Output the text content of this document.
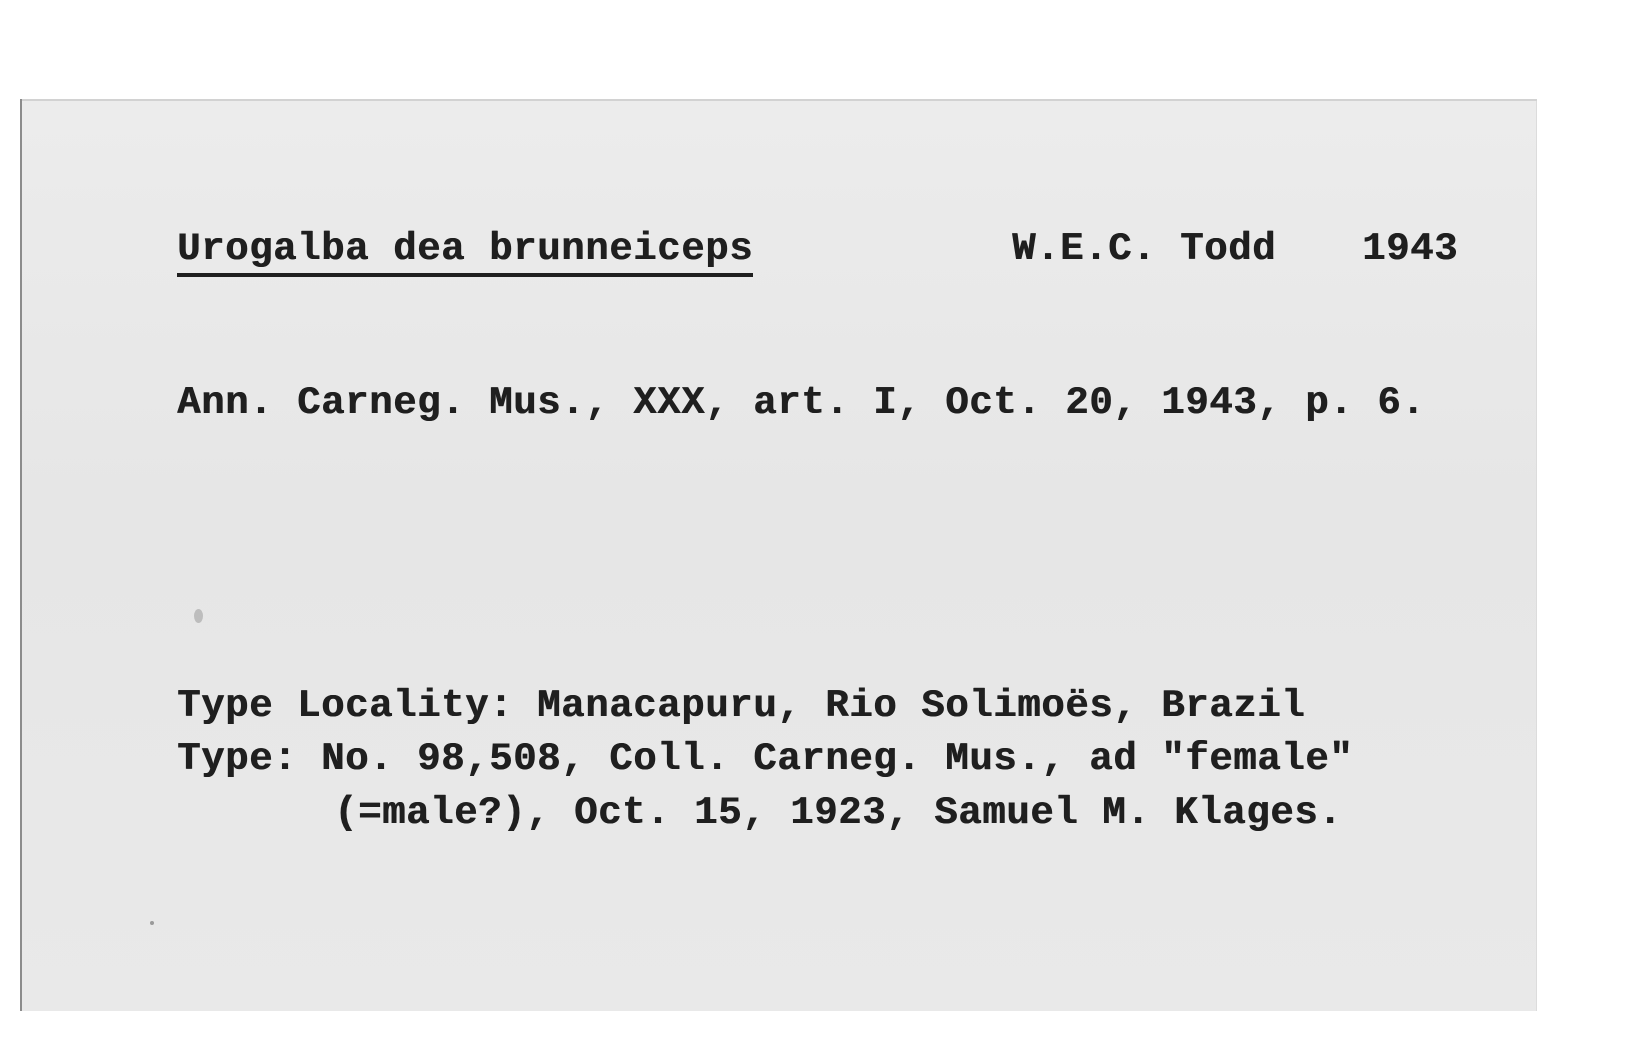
Urogalba dea brunneiceps	W.E.C. Todd 1943
Ann. Carneg. Mus., XXX, art. I, Oct. 20, 1943, p. 6.
Type Locality: Manacapuru, Rio Solimoës, Brazil
Type: No. 98,508, Coll. Carneg. Mus., ad "female"
(=male?), Oct. 15, 1923, Samuel M. Klages.
